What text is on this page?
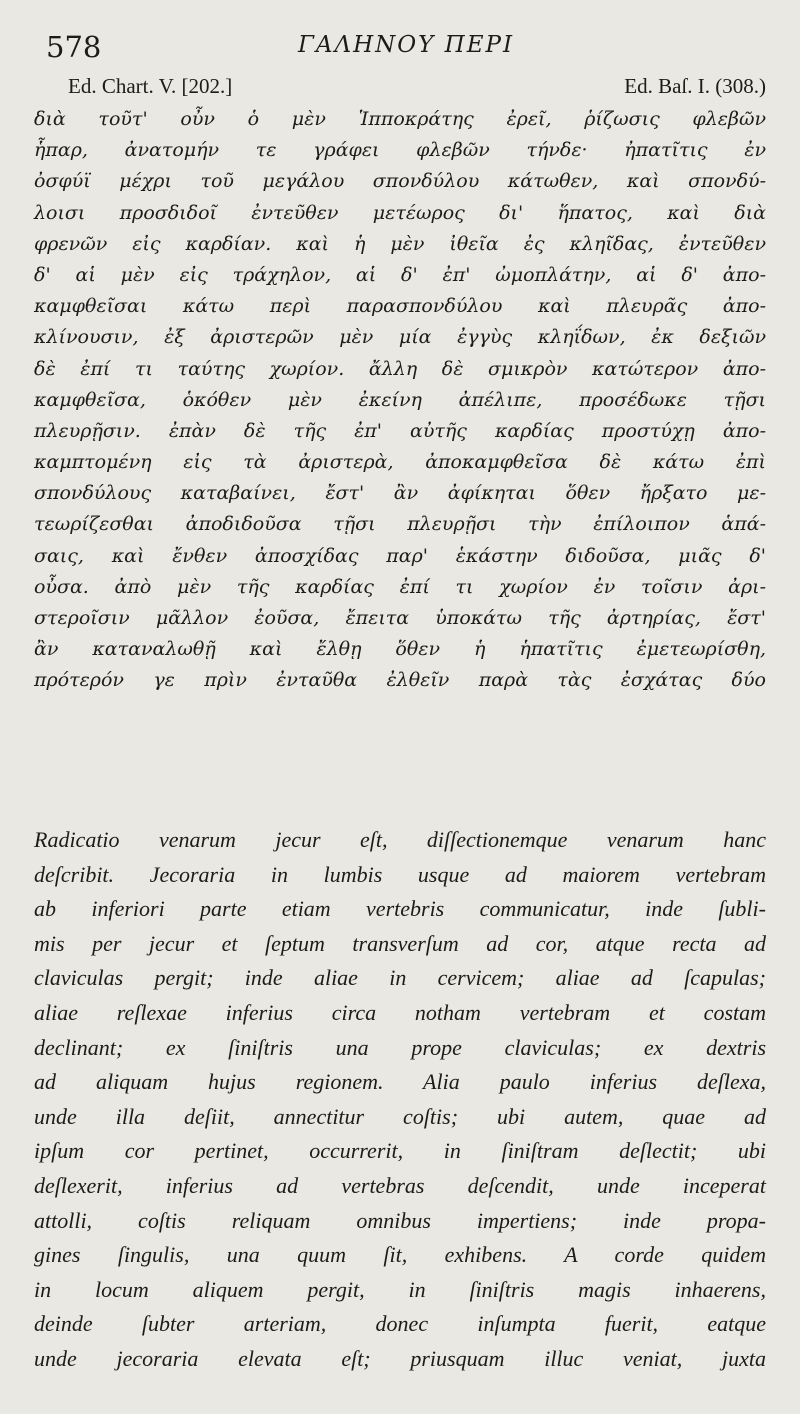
578	ΓΑΛΗΝΟΥ ΠΕΡΙ
Ed. Chart. V. [202.]	Ed. Baſ. I. (308.)
διὰ τοῦτ' οὖν ὁ μὲν Ἱπποκράτης ἐρεῖ, ῥίζωσις φλεβῶν
ἧπαρ, ἀνατομήν τε γράφει φλεβῶν τήνδε· ἠπατῖτις ἐν
ὀσφύϊ μέχρι τοῦ μεγάλου σπονδύλου κάτωθεν, καὶ σπονδύ-
λοισι προσδιδοῖ ἐντεῦθεν μετέωρος δι' ἥπατος, καὶ διὰ
φρενῶν εἰς καρδίαν. καὶ ἡ μὲν ἰθεῖα ἐς κληῖδας, ἐντεῦθεν
δ' αἱ μὲν εἰς τράχηλον, αἱ δ' ἐπ' ὠμοπλάτην, αἱ δ' ἀπο-
καμφθεῖσαι κάτω περὶ παρασπονδύλου καὶ πλευρᾶς ἀπο-
κλίνουσιν, ἐξ ἀριστερῶν μὲν μία ἐγγὺς κληΐδων, ἐκ δεξιῶν
δὲ ἐπί τι ταύτης χωρίον. ἄλλη δὲ σμικρὸν κατώτερον ἀπο-
καμφθεῖσα, ὁκόθεν μὲν ἐκείνη ἀπέλιπε, προσέδωκε τῇσι
πλευρῇσιν. ἐπὰν δὲ τῆς ἐπ' αὐτῆς καρδίας προστύχῃ ἀπο-
καμπτομένη εἰς τὰ ἀριστερὰ, ἀποκαμφθεῖσα δὲ κάτω ἐπὶ
σπονδύλους καταβαίνει, ἔστ' ἂν ἀφίκηται ὅθεν ἤρξατο με-
τεωρίζεσθαι ἀποδιδοῦσα τῇσι πλευρῇσι τὴν ἐπίλοιπον ἁπά-
σαις, καὶ ἔνθεν ἀποσχίδας παρ' ἑκάστην διδοῦσα, μιᾶς δ'
οὖσα. ἀπὸ μὲν τῆς καρδίας ἐπί τι χωρίον ἐν τοῖσιν ἀρι-
στεροῖσιν μᾶλλον ἐοῦσα, ἔπειτα ὑποκάτω τῆς ἀρτηρίας, ἔστ'
ἂν καταναλωθῇ καὶ ἔλθῃ ὅθεν ἡ ἡπατῖτις ἐμετεωρίσθη,
πρότερόν γε πρὶν ἐνταῦθα ἐλθεῖν παρὰ τὰς ἐσχάτας δύο
Radicatio venarum jecur eſt, diſſectionemque venarum hanc
deſcribit. Jecoraria in lumbis usque ad maiorem vertebram
ab inferiori parte etiam vertebris communicatur, inde ſubli-
mis per jecur et ſeptum transverſum ad cor, atque recta ad
claviculas pergit; inde aliae in cervicem; aliae ad ſcapulas;
aliae reſlexae inferius circa notham vertebram et costam
declinant; ex ſiniſtris una prope claviculas; ex dextris
ad aliquam hujus regionem. Alia paulo inferius deſlexa,
unde illa deſiit, annectitur coſtis; ubi autem, quae ad
ipſum cor pertinet, occurrerit, in ſiniſtram deſlectit; ubi
deſlexerit, inferius ad vertebras deſcendit, unde inceperat
attolli, coſtis reliquam omnibus impertiens; inde propa-
gines ſingulis, una quum ſit, exhibens. A corde quidem
in locum aliquem pergit, in ſiniſtris magis inhaerens,
deinde ſubter arteriam, donec inſumpta fuerit, eatque
unde jecoraria elevata eſt; priusquam illuc veniat, juxta
